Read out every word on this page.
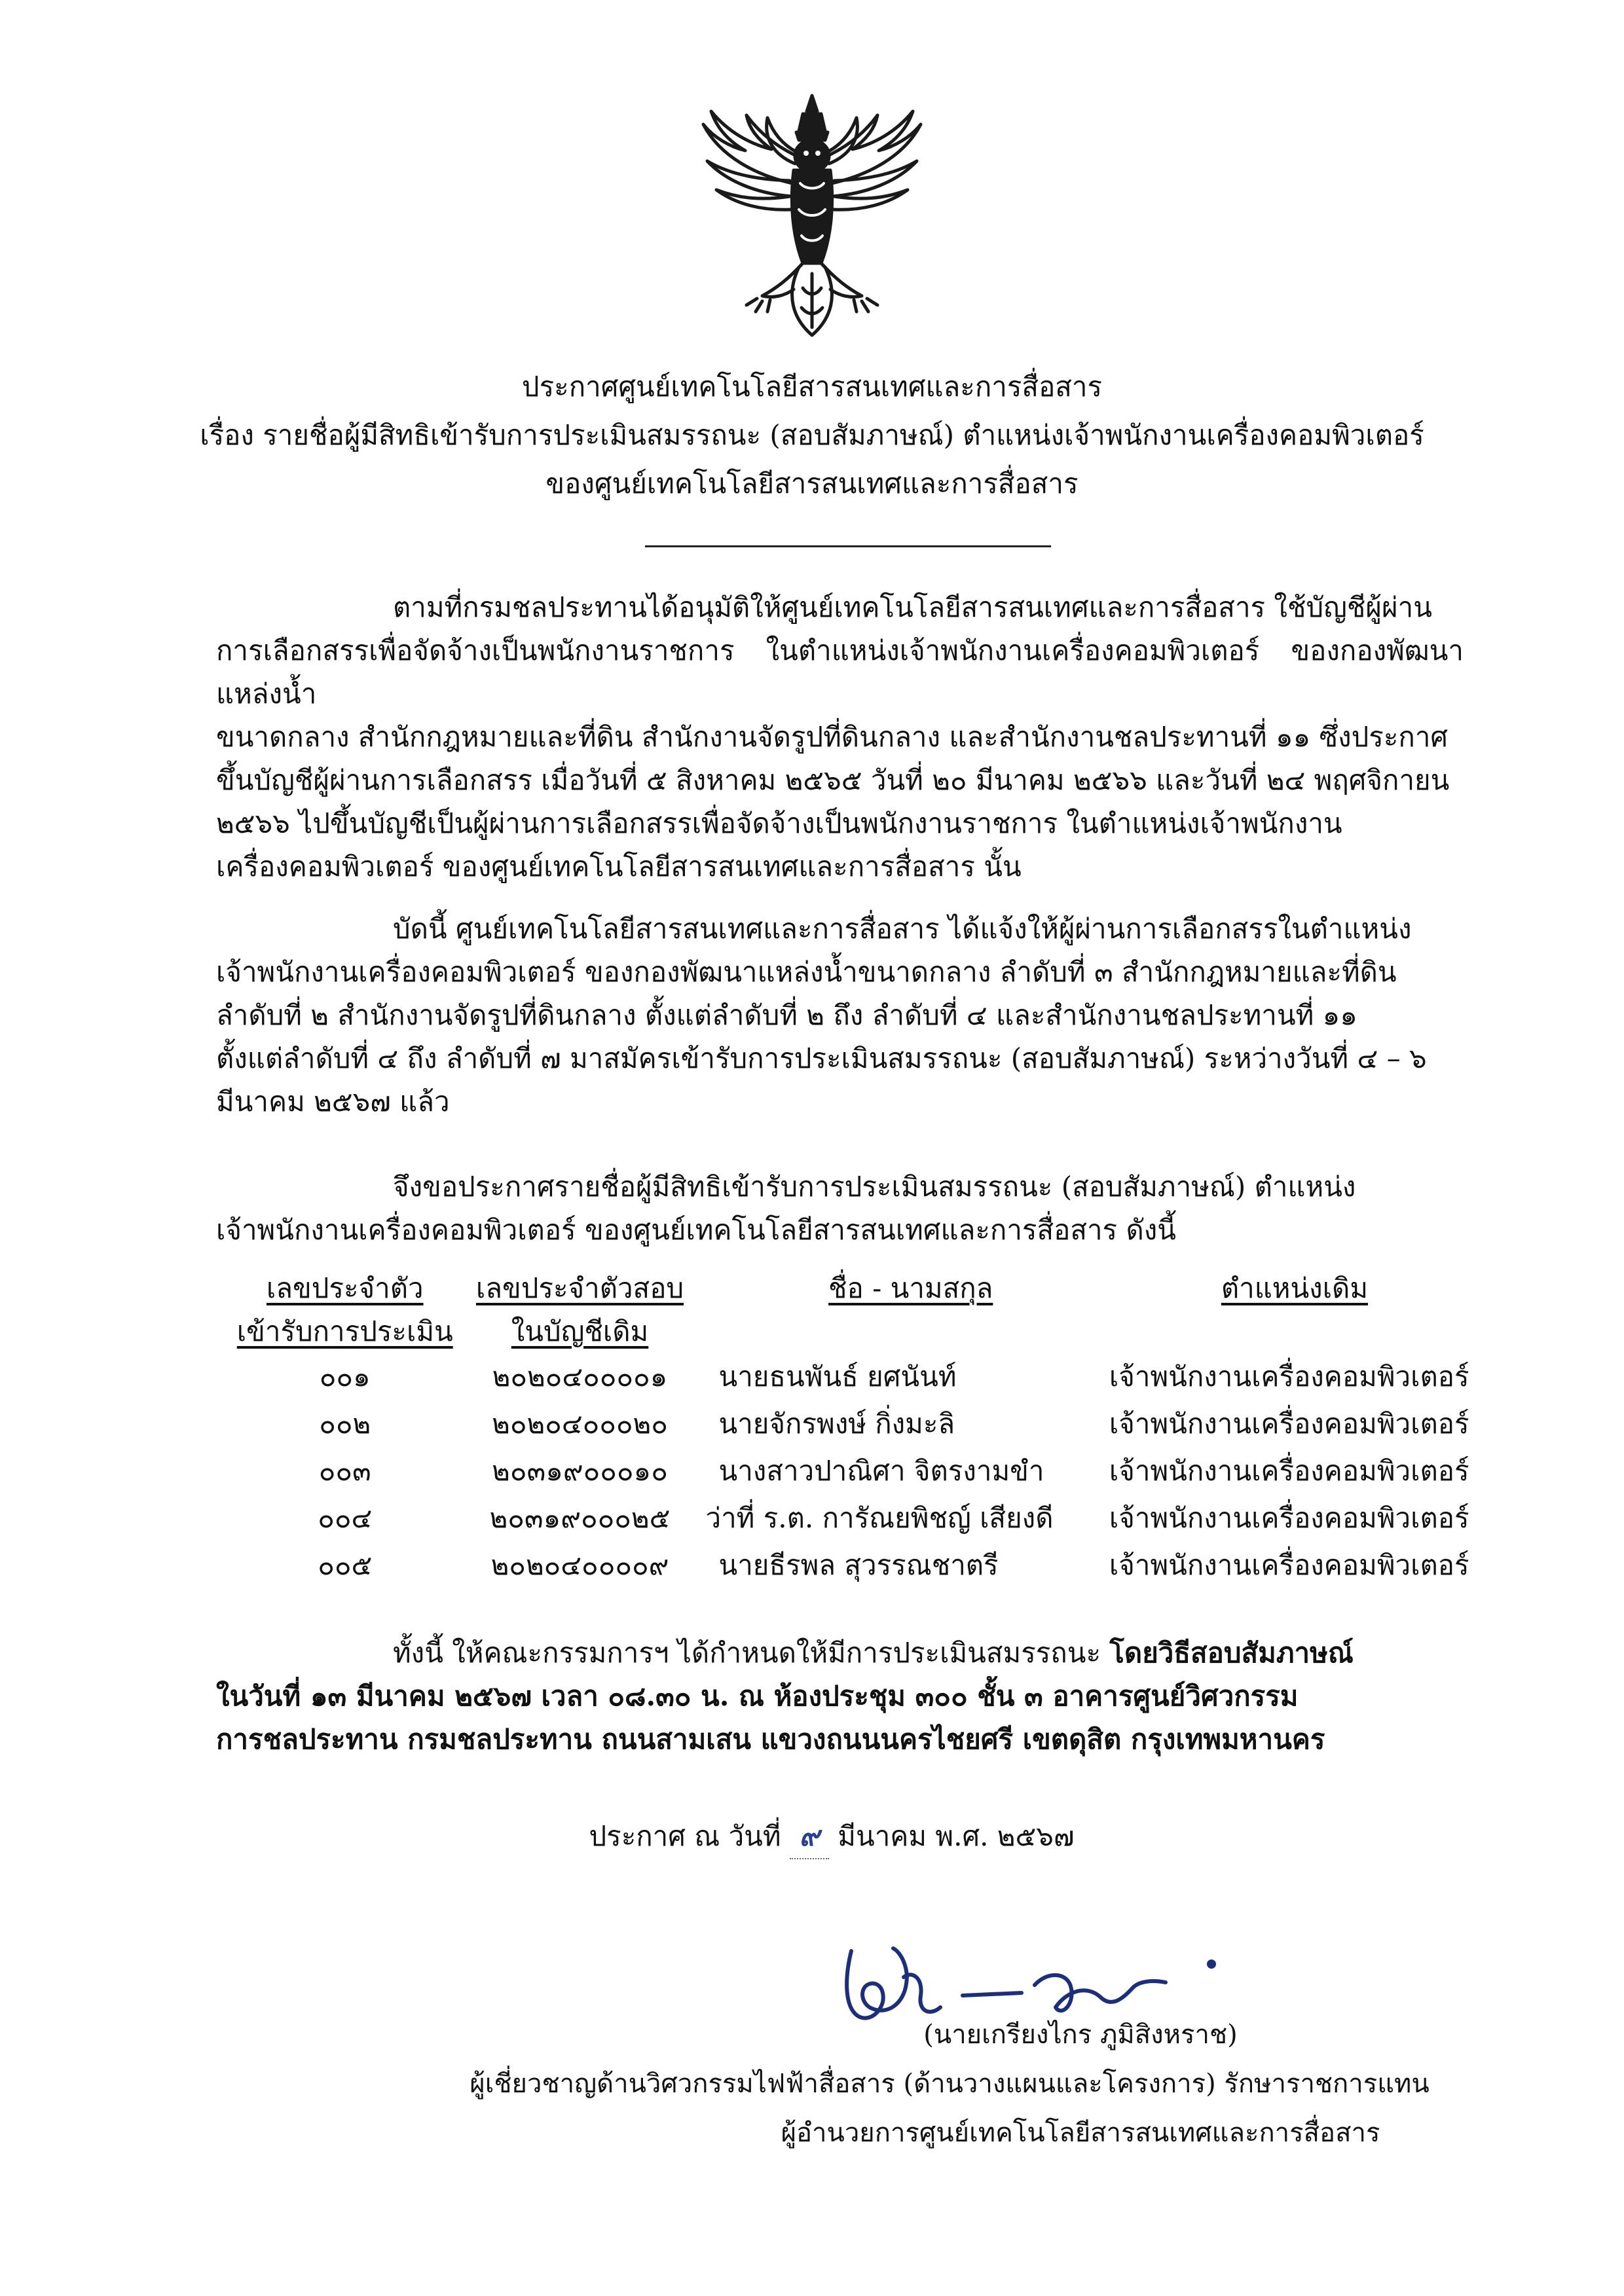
ประกาศศูนย์เทคโนโลยีสารสนเทศและการสื่อสาร
เรื่อง รายชื่อผู้มีสิทธิเข้ารับการประเมินสมรรถนะ (สอบสัมภาษณ์) ตำแหน่งเจ้าพนักงานเครื่องคอมพิวเตอร์
ของศูนย์เทคโนโลยีสารสนเทศและการสื่อสาร
ตามที่กรมชลประทานได้อนุมัติให้ศูนย์เทคโนโลยีสารสนเทศและการสื่อสาร ใช้บัญชีผู้ผ่าน
การเลือกสรรเพื่อจัดจ้างเป็นพนักงานราชการ ในตำแหน่งเจ้าพนักงานเครื่องคอมพิวเตอร์ ของกองพัฒนาแหล่งน้ำ
ขนาดกลาง สำนักกฎหมายและที่ดิน สำนักงานจัดรูปที่ดินกลาง และสำนักงานชลประทานที่ ๑๑ ซึ่งประกาศ
ขึ้นบัญชีผู้ผ่านการเลือกสรร เมื่อวันที่ ๕ สิงหาคม ๒๕๖๕ วันที่ ๒๐ มีนาคม ๒๕๖๖ และวันที่ ๒๔ พฤศจิกายน
๒๕๖๖ ไปขึ้นบัญชีเป็นผู้ผ่านการเลือกสรรเพื่อจัดจ้างเป็นพนักงานราชการ ในตำแหน่งเจ้าพนักงาน
เครื่องคอมพิวเตอร์ ของศูนย์เทคโนโลยีสารสนเทศและการสื่อสาร นั้น
บัดนี้ ศูนย์เทคโนโลยีสารสนเทศและการสื่อสาร ได้แจ้งให้ผู้ผ่านการเลือกสรรในตำแหน่ง
เจ้าพนักงานเครื่องคอมพิวเตอร์ ของกองพัฒนาแหล่งน้ำขนาดกลาง ลำดับที่ ๓ สำนักกฎหมายและที่ดิน
ลำดับที่ ๒ สำนักงานจัดรูปที่ดินกลาง ตั้งแต่ลำดับที่ ๒ ถึง ลำดับที่ ๔ และสำนักงานชลประทานที่ ๑๑
ตั้งแต่ลำดับที่ ๔ ถึง ลำดับที่ ๗ มาสมัครเข้ารับการประเมินสมรรถนะ (สอบสัมภาษณ์) ระหว่างวันที่ ๔ – ๖
มีนาคม ๒๕๖๗ แล้ว
จึงขอประกาศรายชื่อผู้มีสิทธิเข้ารับการประเมินสมรรถนะ (สอบสัมภาษณ์) ตำแหน่ง
เจ้าพนักงานเครื่องคอมพิวเตอร์ ของศูนย์เทคโนโลยีสารสนเทศและการสื่อสาร ดังนี้
เลขประจำตัว	เลขประจำตัวสอบ	ชื่อ - นามสกุล	ตำแหน่งเดิม
เข้ารับการประเมิน	ในบัญชีเดิม		
๐๐๑	๒๐๒๐๔๐๐๐๐๑	นายธนพันธ์ ยศนันท์	เจ้าพนักงานเครื่องคอมพิวเตอร์
๐๐๒	๒๐๒๐๔๐๐๐๒๐	นายจักรพงษ์ กิ่งมะลิ	เจ้าพนักงานเครื่องคอมพิวเตอร์
๐๐๓	๒๐๓๑๙๐๐๐๑๐	นางสาวปาณิศา จิตรงามขำ	เจ้าพนักงานเครื่องคอมพิวเตอร์
๐๐๔	๒๐๓๑๙๐๐๐๒๕	ว่าที่ ร.ต. การัณยพิชญ์ เสียงดี	เจ้าพนักงานเครื่องคอมพิวเตอร์
๐๐๕	๒๐๒๐๔๐๐๐๐๙	นายธีรพล สุวรรณชาตรี	เจ้าพนักงานเครื่องคอมพิวเตอร์
ทั้งนี้ ให้คณะกรรมการฯ ได้กำหนดให้มีการประเมินสมรรถนะ โดยวิธีสอบสัมภาษณ์
ในวันที่ ๑๓ มีนาคม ๒๕๖๗ เวลา ๐๘.๓๐ น. ณ ห้องประชุม ๓๐๐ ชั้น ๓ อาคารศูนย์วิศวกรรม
การชลประทาน กรมชลประทาน ถนนสามเสน แขวงถนนนครไชยศรี เขตดุสิต กรุงเทพมหานคร
ประกาศ ณ วันที่ ๙ มีนาคม พ.ศ. ๒๕๖๗
(นายเกรียงไกร ภูมิสิงหราช)
ผู้เชี่ยวชาญด้านวิศวกรรมไฟฟ้าสื่อสาร (ด้านวางแผนและโครงการ) รักษาราชการแทน
ผู้อำนวยการศูนย์เทคโนโลยีสารสนเทศและการสื่อสาร
